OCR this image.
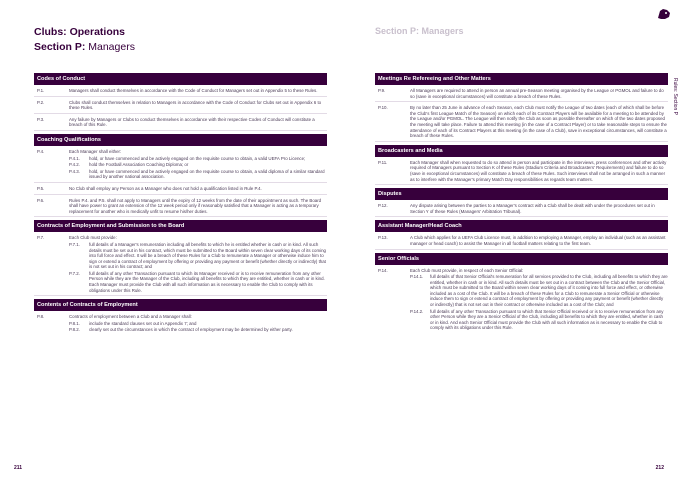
Clubs: Operations
Section P: Managers
Codes of Conduct
P.1.	Managers shall conduct themselves in accordance with the Code of Conduct for Managers set out in Appendix 5 to these Rules.
P.2.	Clubs shall conduct themselves in relation to Managers in accordance with the Code of Conduct for Clubs set out in Appendix 6 to these Rules.
P.3.	Any failure by Managers or Clubs to conduct themselves in accordance with their respective Codes of Conduct will constitute a breach of this Rule.
Coaching Qualifications
P.4.	Each Manager shall either:
P.4.1.	hold, or have commenced and be actively engaged on the requisite course to obtain, a valid UEFA Pro Licence;
P.4.2.	hold the Football Association Coaching Diploma; or
P.4.3.	hold, or have commenced and be actively engaged on the requisite course to obtain, a valid diploma of a similar standard issued by another national association.
P.5.	No Club shall employ any Person as a Manager who does not hold a qualification listed in Rule P.4.
P.6.	Rules P.4. and P.5. shall not apply to Managers until the expiry of 12 weeks from the date of their appointment as such. The Board shall have power to grant an extension of the 12 week period only if reasonably satisfied that a Manager is acting as a temporary replacement for another who is medically unfit to resume his/her duties.
Contracts of Employment and Submission to the Board
P.7.	Each Club must provide:
P.7.1.	full details of a Manager's remuneration including all benefits to which he is entitled whether in cash or in kind. All such details must be set out in his contract, which must be submitted to the Board within seven clear working days of its coming into full force and effect. It will be a breach of these Rules for a Club to remunerate a Manager or otherwise induce him to sign or extend a contract of employment by offering or providing any payment or benefit (whether directly or indirectly) that is not set out in his contract; and
P.7.2.	full details of any other Transaction pursuant to which its Manager received or is to receive remuneration from any other Person while they are the Manager of the Club, including all benefits to which they are entitled, whether in cash or in kind. Each Manager must provide the Club with all such information as is necessary to enable the Club to comply with its obligations under this Rule.
Contents of Contracts of Employment
P.8.	Contracts of employment between a Club and a Manager shall:
P.8.1.	include the standard clauses set out in Appendix 7; and
P.8.2.	clearly set out the circumstances in which the contract of employment may be determined by either party.
211
Section P: Managers
Rules: Section P
Meetings Re Refereeing and Other Matters
P.9.	All Managers are required to attend in person an annual pre-Season meeting organised by the League or PGMOL and failure to do so (save in exceptional circumstances) will constitute a breach of these Rules.
P.10.	By no later than 25 June in advance of each Season, each Club must notify the League of two dates (each of which shall be before the Club's first League Match of the Season) on which each of its Contract Players will be available for a meeting to be attended by the League and/or PGMOL. The League will then notify the Club as soon as possible thereafter on which of the two dates proposed the meeting will take place. Failure to attend this meeting (in the case of a Contract Player) or to take reasonable steps to ensure the attendance of each of its Contract Players at this meeting (in the case of a Club), save in exceptional circumstances, will constitute a breach of these Rules.
Broadcasters and Media
P.11.	Each Manager shall when requested to do so attend in person and participate in the interviews, press conferences and other activity required of Managers pursuant to Section K of these Rules (Stadium Criteria and Broadcasters' Requirements) and failure to do so (save in exceptional circumstances) will constitute a breach of these Rules. Such interviews shall not be arranged in such a manner as to interfere with the Manager's primary Match Day responsibilities as regards team matters.
Disputes
P.12.	Any dispute arising between the parties to a Manager's contract with a Club shall be dealt with under the procedures set out in Section Y of these Rules (Managers' Arbitration Tribunal).
Assistant Manager/Head Coach
P.13.	A Club which applies for a UEFA Club Licence must, in addition to employing a Manager, employ an individual (such as an assistant manager or head coach) to assist the Manager in all football matters relating to the first team.
Senior Officials
P.14.	Each Club must provide, in respect of each Senior Official:
P.14.1.	full details of that Senior Official's remuneration for all services provided to the Club, including all benefits to which they are entitled, whether in cash or in kind. All such details must be set out in a contract between the Club and the Senior Official, which must be submitted to the Board within seven clear working days of it coming into full force and effect, or otherwise included as a cost of the Club. It will be a breach of these Rules for a Club to remunerate a Senior Official or otherwise induce them to sign or extend a contract of employment by offering or providing any payment or benefit (whether directly or indirectly) that is not set out in their contract or otherwise included as a cost of the Club; and
P.14.2.	full details of any other Transaction pursuant to which that Senior Official received or is to receive remuneration from any other Person while they are a Senior Official of the Club, including all benefits to which they are entitled, whether in cash or in kind. And each Senior Official must provide the Club with all such information as is necessary to enable the Club to comply with its obligations under this Rule.
212
